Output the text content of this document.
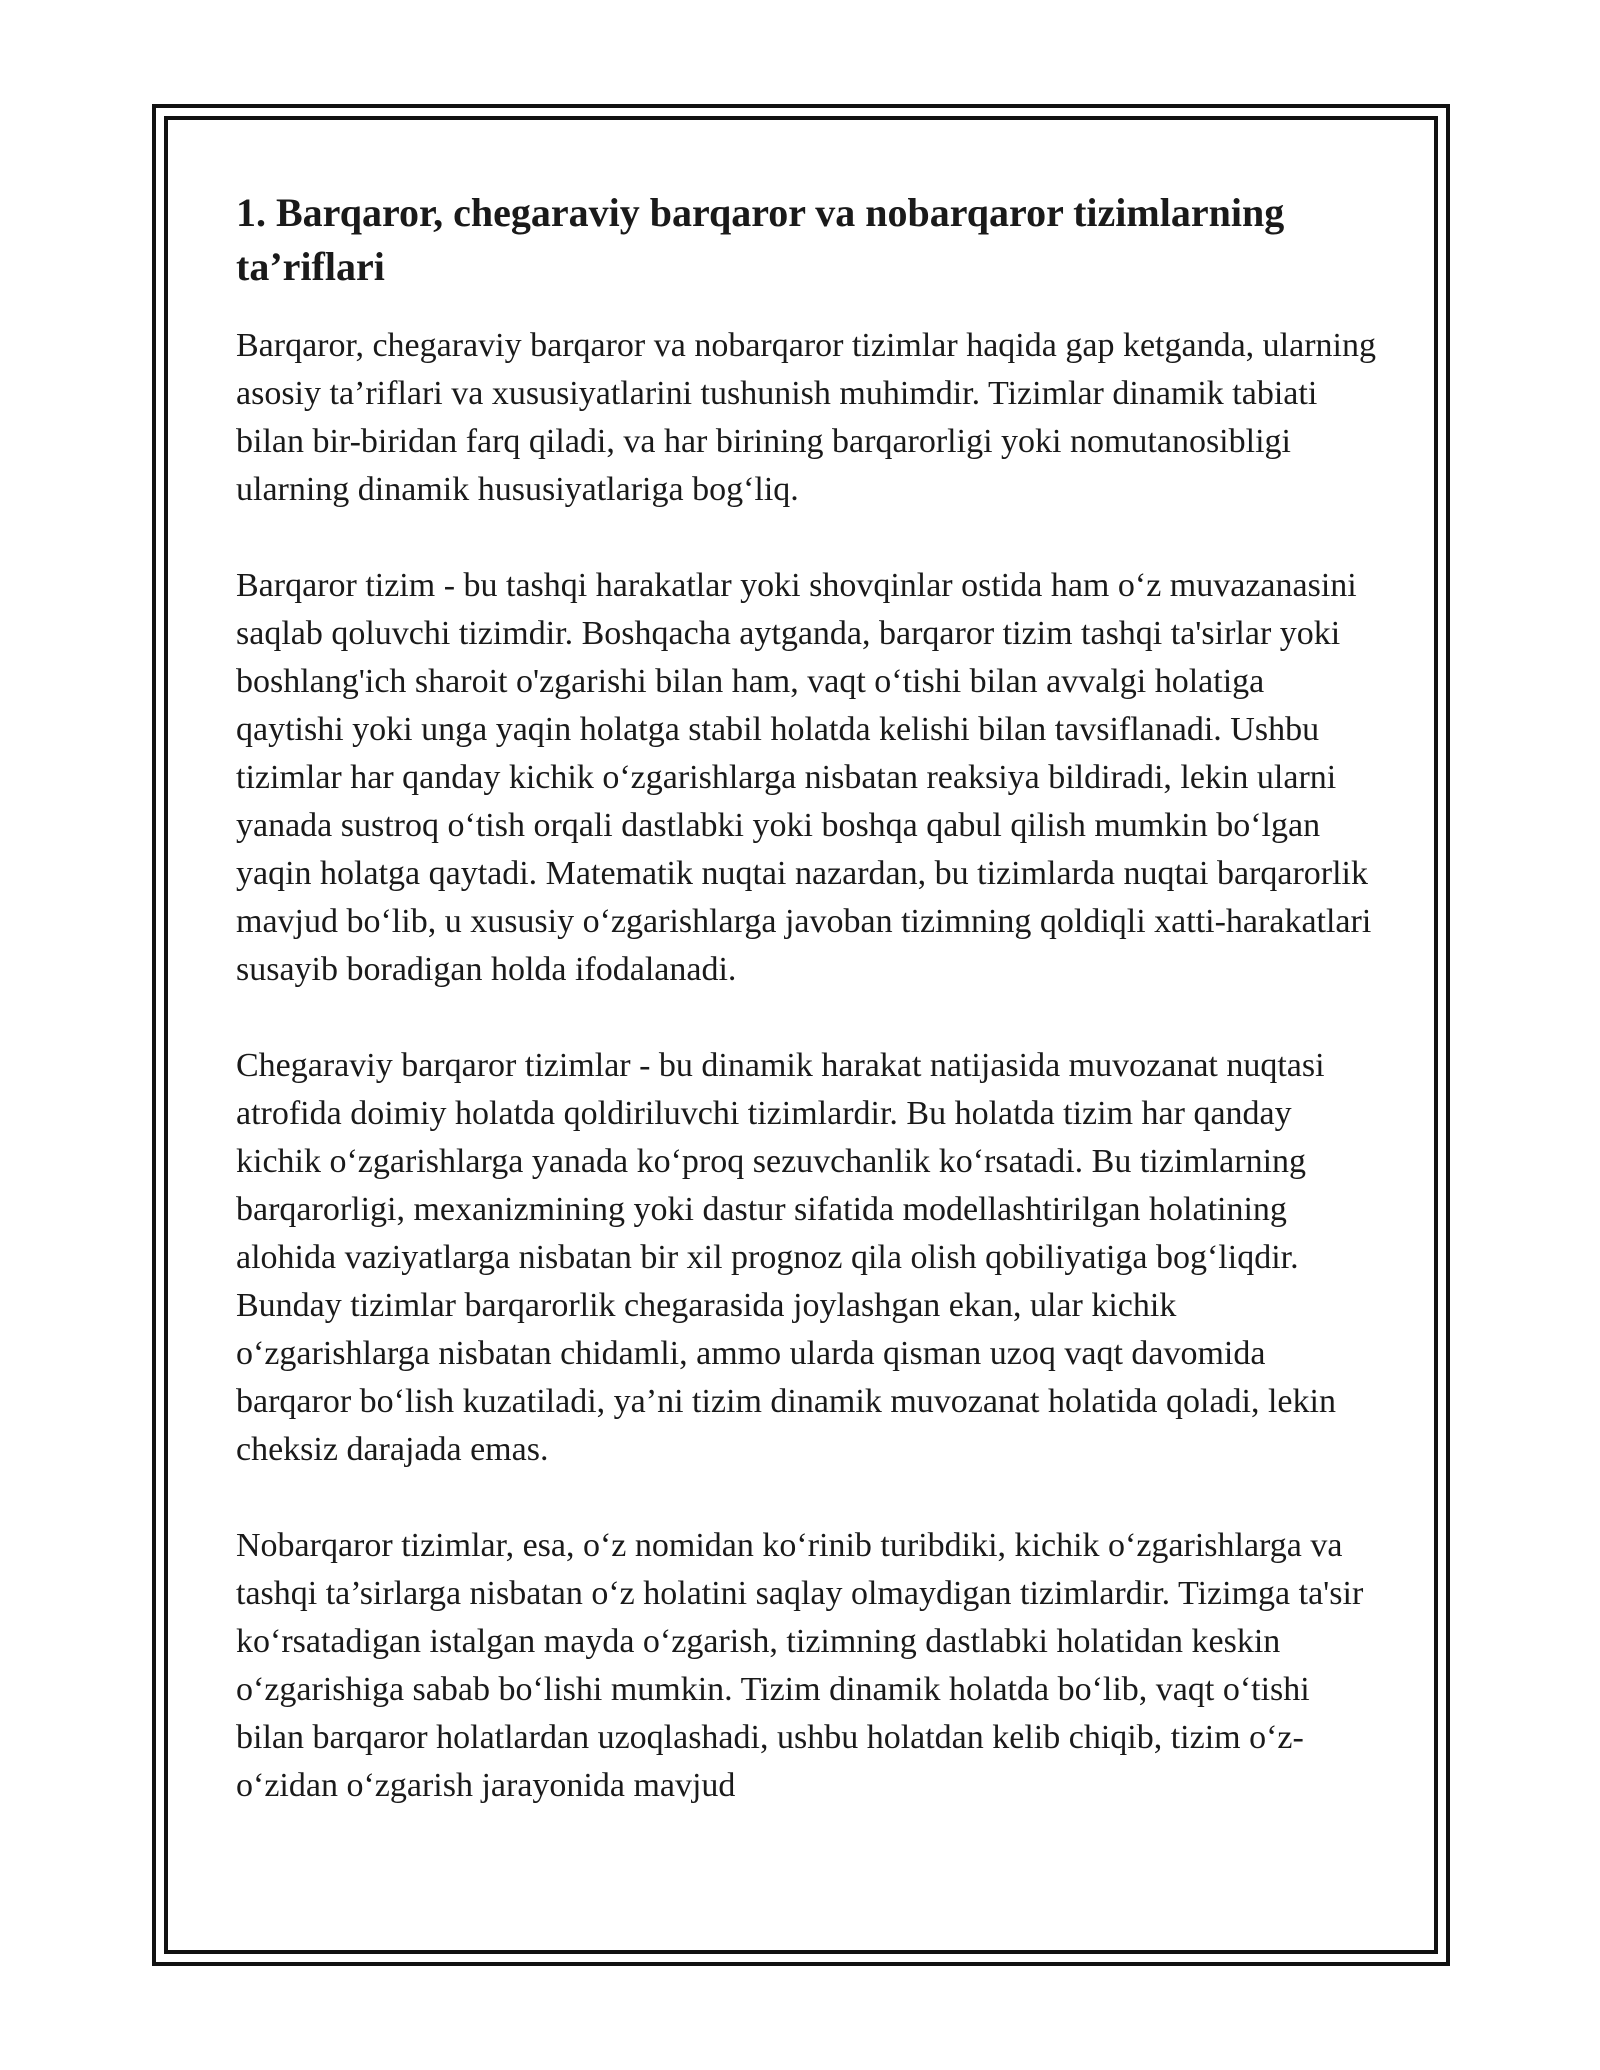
1. Barqaror, chegaraviy barqaror va nobarqaror tizimlarning ta’riflari

Barqaror, chegaraviy barqaror va nobarqaror tizimlar haqida gap ketganda, ularning asosiy ta’riflari va xususiyatlarini tushunish muhimdir. Tizimlar dinamik tabiati bilan bir-biridan farq qiladi, va har birining barqarorligi yoki nomutanosibligi ularning dinamik hususiyatlariga bog‘liq.

Barqaror tizim - bu tashqi harakatlar yoki shovqinlar ostida ham o‘z muvazanasini saqlab qoluvchi tizimdir. Boshqacha aytganda, barqaror tizim tashqi ta'sirlar yoki boshlang'ich sharoit o'zgarishi bilan ham, vaqt o‘tishi bilan avvalgi holatiga qaytishi yoki unga yaqin holatga stabil holatda kelishi bilan tavsiflanadi. Ushbu tizimlar har qanday kichik o‘zgarishlarga nisbatan reaksiya bildiradi, lekin ularni yanada sustroq o‘tish orqali dastlabki yoki boshqa qabul qilish mumkin bo‘lgan yaqin holatga qaytadi. Matematik nuqtai nazardan, bu tizimlarda nuqtai barqarorlik mavjud bo‘lib, u xususiy o‘zgarishlarga javoban tizimning qoldiqli xatti-harakatlari susayib boradigan holda ifodalanadi.

Chegaraviy barqaror tizimlar - bu dinamik harakat natijasida muvozanat nuqtasi atrofida doimiy holatda qoldiriluvchi tizimlardir. Bu holatda tizim har qanday kichik o‘zgarishlarga yanada ko‘proq sezuvchanlik ko‘rsatadi. Bu tizimlarning barqarorligi, mexanizmining yoki dastur sifatida modellashtirilgan holatining alohida vaziyatlarga nisbatan bir xil prognoz qila olish qobiliyatiga bog‘liqdir. Bunday tizimlar barqarorlik chegarasida joylashgan ekan, ular kichik o‘zgarishlarga nisbatan chidamli, ammo ularda qisman uzoq vaqt davomida barqaror bo‘lish kuzatiladi, ya’ni tizim dinamik muvozanat holatida qoladi, lekin cheksiz darajada emas.

Nobarqaror tizimlar, esa, o‘z nomidan ko‘rinib turibdiki, kichik o‘zgarishlarga va tashqi ta’sirlarga nisbatan o‘z holatini saqlay olmaydigan tizimlardir. Tizimga ta'sir ko‘rsatadigan istalgan mayda o‘zgarish, tizimning dastlabki holatidan keskin o‘zgarishiga sabab bo‘lishi mumkin. Tizim dinamik holatda bo‘lib, vaqt o‘tishi bilan barqaror holatlardan uzoqlashadi, ushbu holatdan kelib chiqib, tizim o‘z-o‘zidan o‘zgarish jarayonida mavjud
